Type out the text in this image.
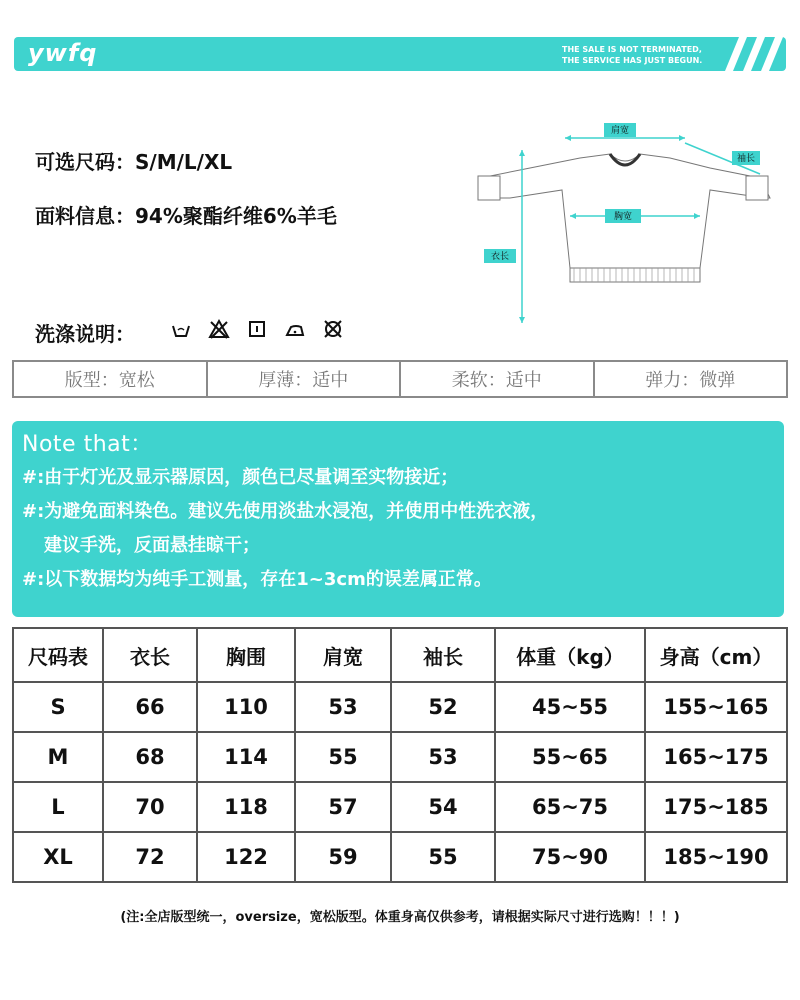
ywfq	THE SALE IS NOT TERMINATED,
THE SERVICE HAS JUST BEGUN.
可选尺码：S/M/L/XL
面料信息：94%聚酯纤维6%羊毛
洗涤说明：
肩宽
袖长
胸宽
衣长
版型：宽松	厚薄：适中	柔软：适中	弹力：微弹
Note that：
#:由于灯光及显示器原因，颜色已尽量调至实物接近；
#:为避免面料染色。建议先使用淡盐水浸泡，并使用中性洗衣液，
建议手洗，反面悬挂晾干；
#:以下数据均为纯手工测量，存在1~3cm的误差属正常。
尺码表	衣长	胸围	肩宽	袖长	体重（kg）	身高（cm）
S	66	110	53	52	45~55	155~165
M	68	114	55	53	55~65	165~175
L	70	118	57	54	65~75	175~185
XL	72	122	59	55	75~90	185~190
(注:全店版型统一，oversize，宽松版型。体重身高仅供参考，请根据实际尺寸进行选购！！！)
